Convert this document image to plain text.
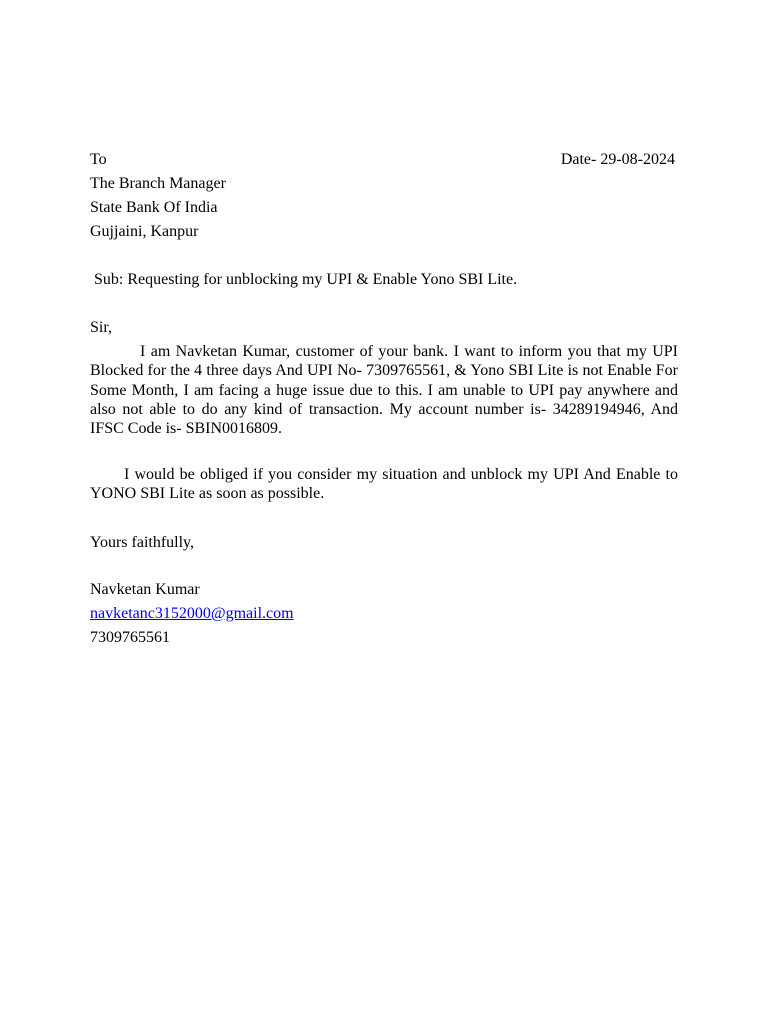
To	Date- 29-08-2024
The Branch Manager
State Bank Of India
Gujjaini, Kanpur
Sub: Requesting for unblocking my UPI & Enable Yono SBI Lite.
Sir,
I am Navketan Kumar, customer of your bank. I want to inform you that my UPI Blocked for the 4 three days And UPI No- 7309765561, & Yono SBI Lite is not Enable For Some Month, I am facing a huge issue due to this. I am unable to UPI pay anywhere and also not able to do any kind of transaction. My account number is- 34289194946, And IFSC Code is- SBIN0016809.
I would be obliged if you consider my situation and unblock my UPI And Enable to YONO SBI Lite as soon as possible.
Yours faithfully,
Navketan Kumar
navketanc3152000@gmail.com
7309765561
